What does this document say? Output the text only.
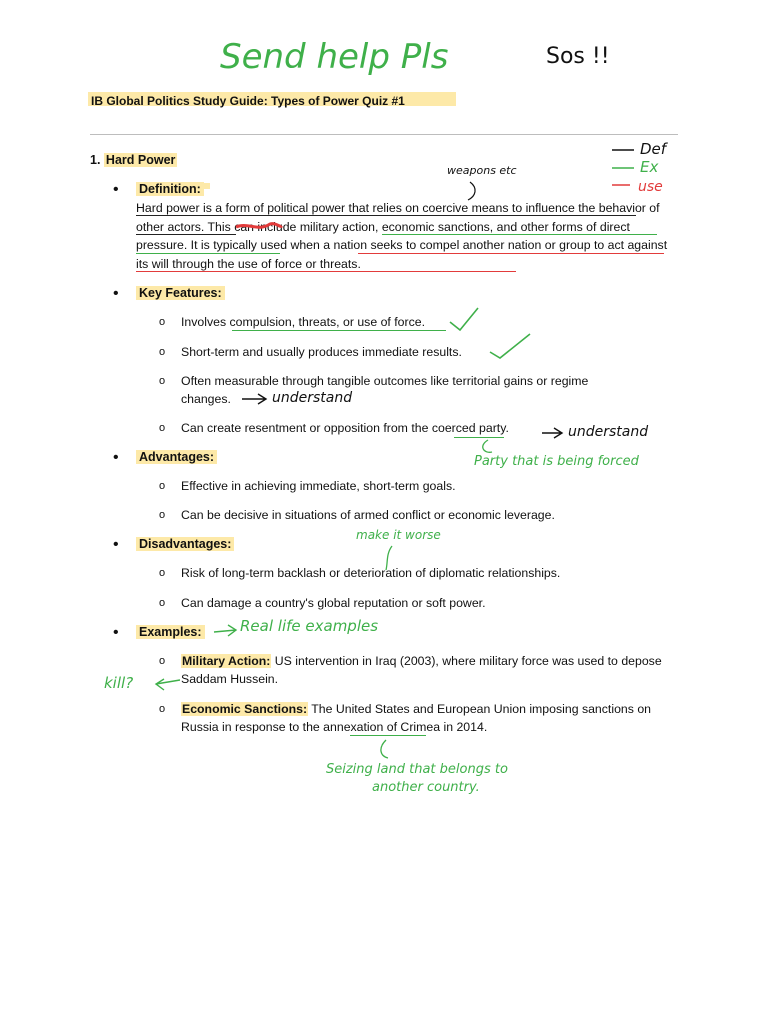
Send help Pls	Sos !!
Def
Ex
use
IB Global Politics Study Guide: Types of Power Quiz #1
1. Hard Power
weapons etc
• Definition:
Hard power is a form of political power that relies on coercive means to influence the behavior of other actors. This can include military action, economic sanctions, and other forms of direct pressure. It is typically used when a nation seeks to compel another nation or group to act against its will through the use of force or threats.
• Key Features:
o Involves compulsion, threats, or use of force.
o Short-term and usually produces immediate results.
o Often measurable through tangible outcomes like territorial gains or regime changes.
o Can create resentment or opposition from the coerced party.
understand
understand
Party that is being forced
• Advantages:
o Effective in achieving immediate, short-term goals.
o Can be decisive in situations of armed conflict or economic leverage.
• Disadvantages:
make it worse
o Risk of long-term backlash or deterioration of diplomatic relationships.
o Can damage a country's global reputation or soft power.
• Examples:	Real life examples
o Military Action: US intervention in Iraq (2003), where military force was used to depose Saddam Hussein.
o Economic Sanctions: The United States and European Union imposing sanctions on Russia in response to the annexation of Crimea in 2014.
kill?
Seizing land that belongs to
another country.
